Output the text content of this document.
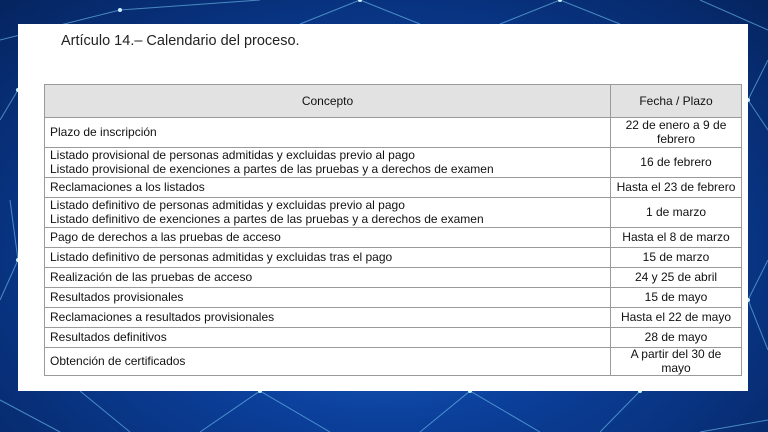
Artículo 14.– Calendario del proceso.
Concepto	Fecha / Plazo
Plazo de inscripción	22 de enero a 9 de febrero
Listado provisional de personas admitidas y excluidas previo al pago
Listado provisional de exenciones a partes de las pruebas y a derechos de examen	16 de febrero
Reclamaciones a los listados	Hasta el 23 de febrero
Listado definitivo de personas admitidas y excluidas previo al pago
Listado definitivo de exenciones a partes de las pruebas y a derechos de examen	1 de marzo
Pago de derechos a las pruebas de acceso	Hasta el 8 de marzo
Listado definitivo de personas admitidas y excluidas tras el pago	15 de marzo
Realización de las pruebas de acceso	24 y 25 de abril
Resultados provisionales	15 de mayo
Reclamaciones a resultados provisionales	Hasta el 22 de mayo
Resultados definitivos	28 de mayo
Obtención de certificados	A partir del 30 de mayo
